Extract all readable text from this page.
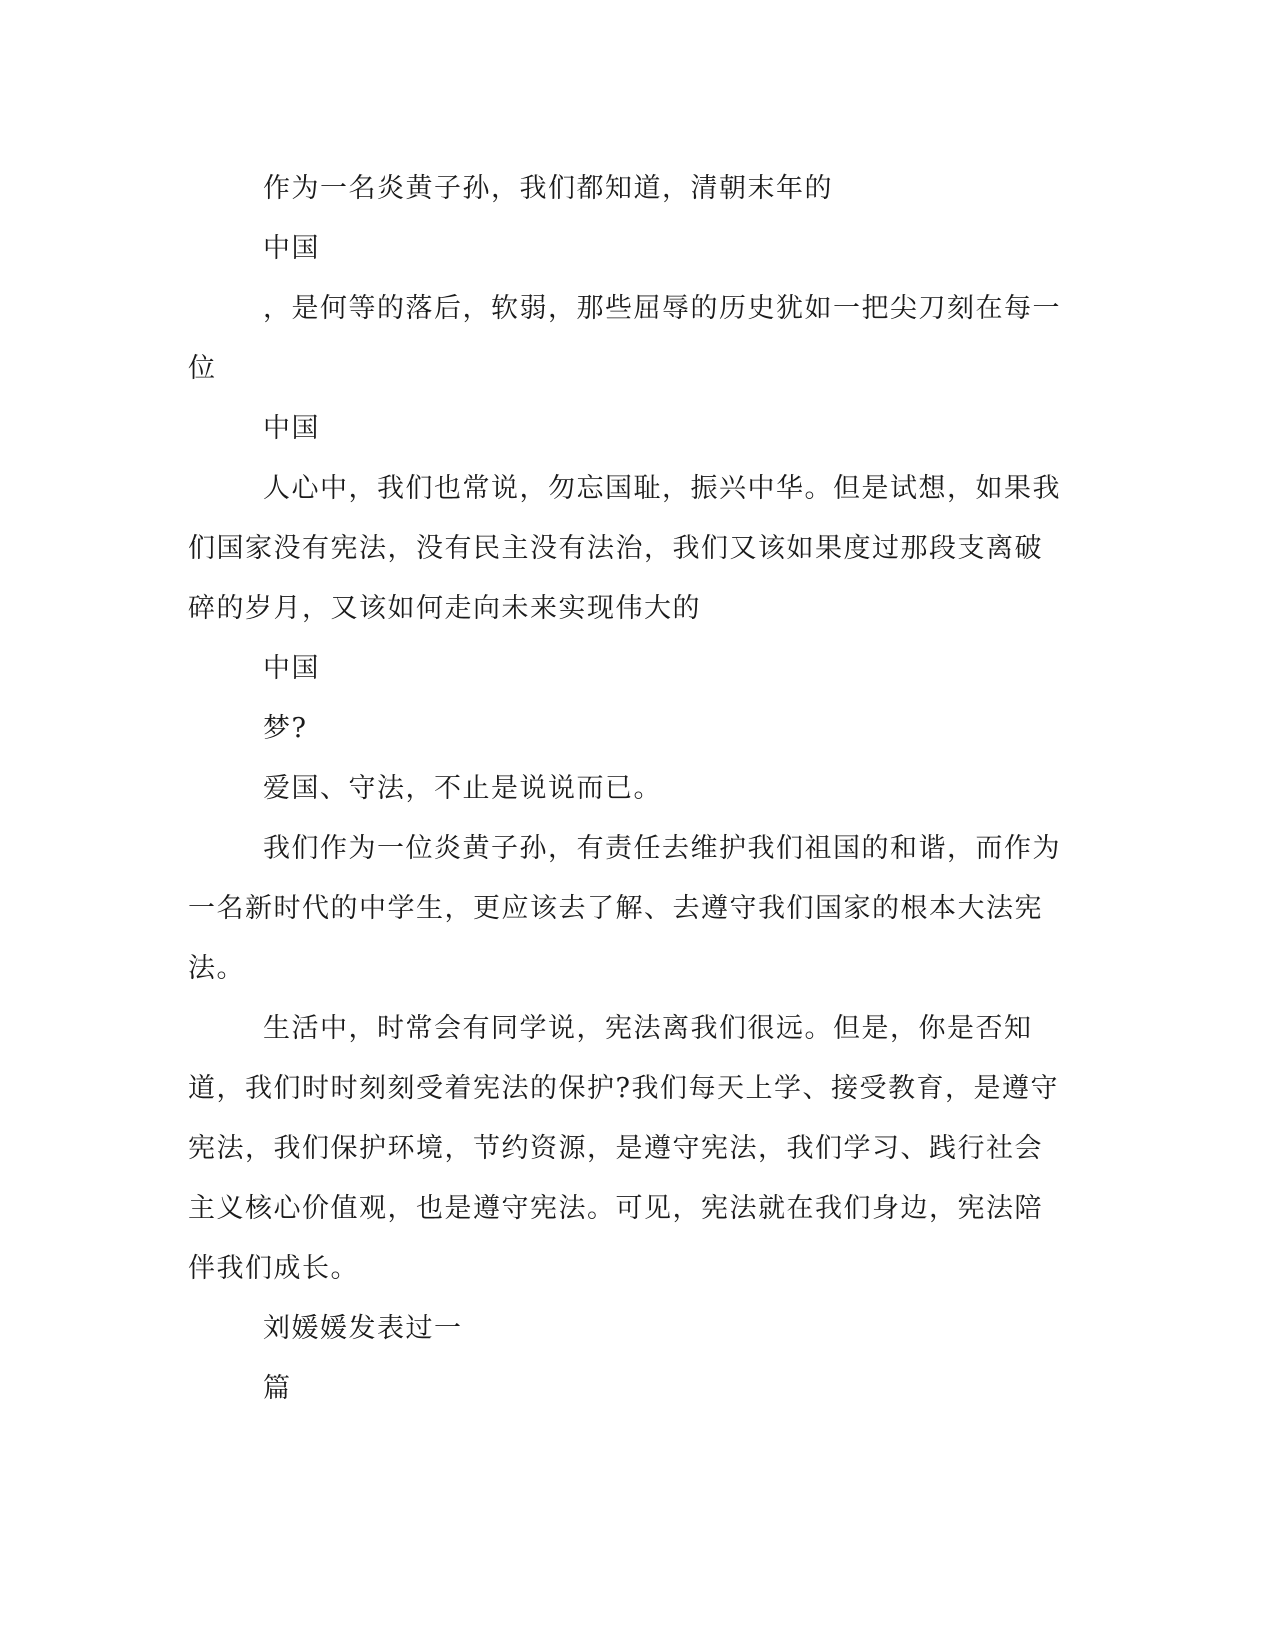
作为一名炎黄子孙，我们都知道，清朝末年的

中国

，是何等的落后，软弱，那些屈辱的历史犹如一把尖刀刻在每一位

中国

人心中，我们也常说，勿忘国耻，振兴中华。但是试想，如果我们国家没有宪法，没有民主没有法治，我们又该如果度过那段支离破碎的岁月，又该如何走向未来实现伟大的

中国

梦?

爱国、守法，不止是说说而已。

我们作为一位炎黄子孙，有责任去维护我们祖国的和谐，而作为一名新时代的中学生，更应该去了解、去遵守我们国家的根本大法宪法。

生活中，时常会有同学说，宪法离我们很远。但是，你是否知道，我们时时刻刻受着宪法的保护?我们每天上学、接受教育，是遵守宪法，我们保护环境，节约资源，是遵守宪法，我们学习、践行社会主义核心价值观，也是遵守宪法。可见，宪法就在我们身边，宪法陪伴我们成长。

刘媛媛发表过一

篇
